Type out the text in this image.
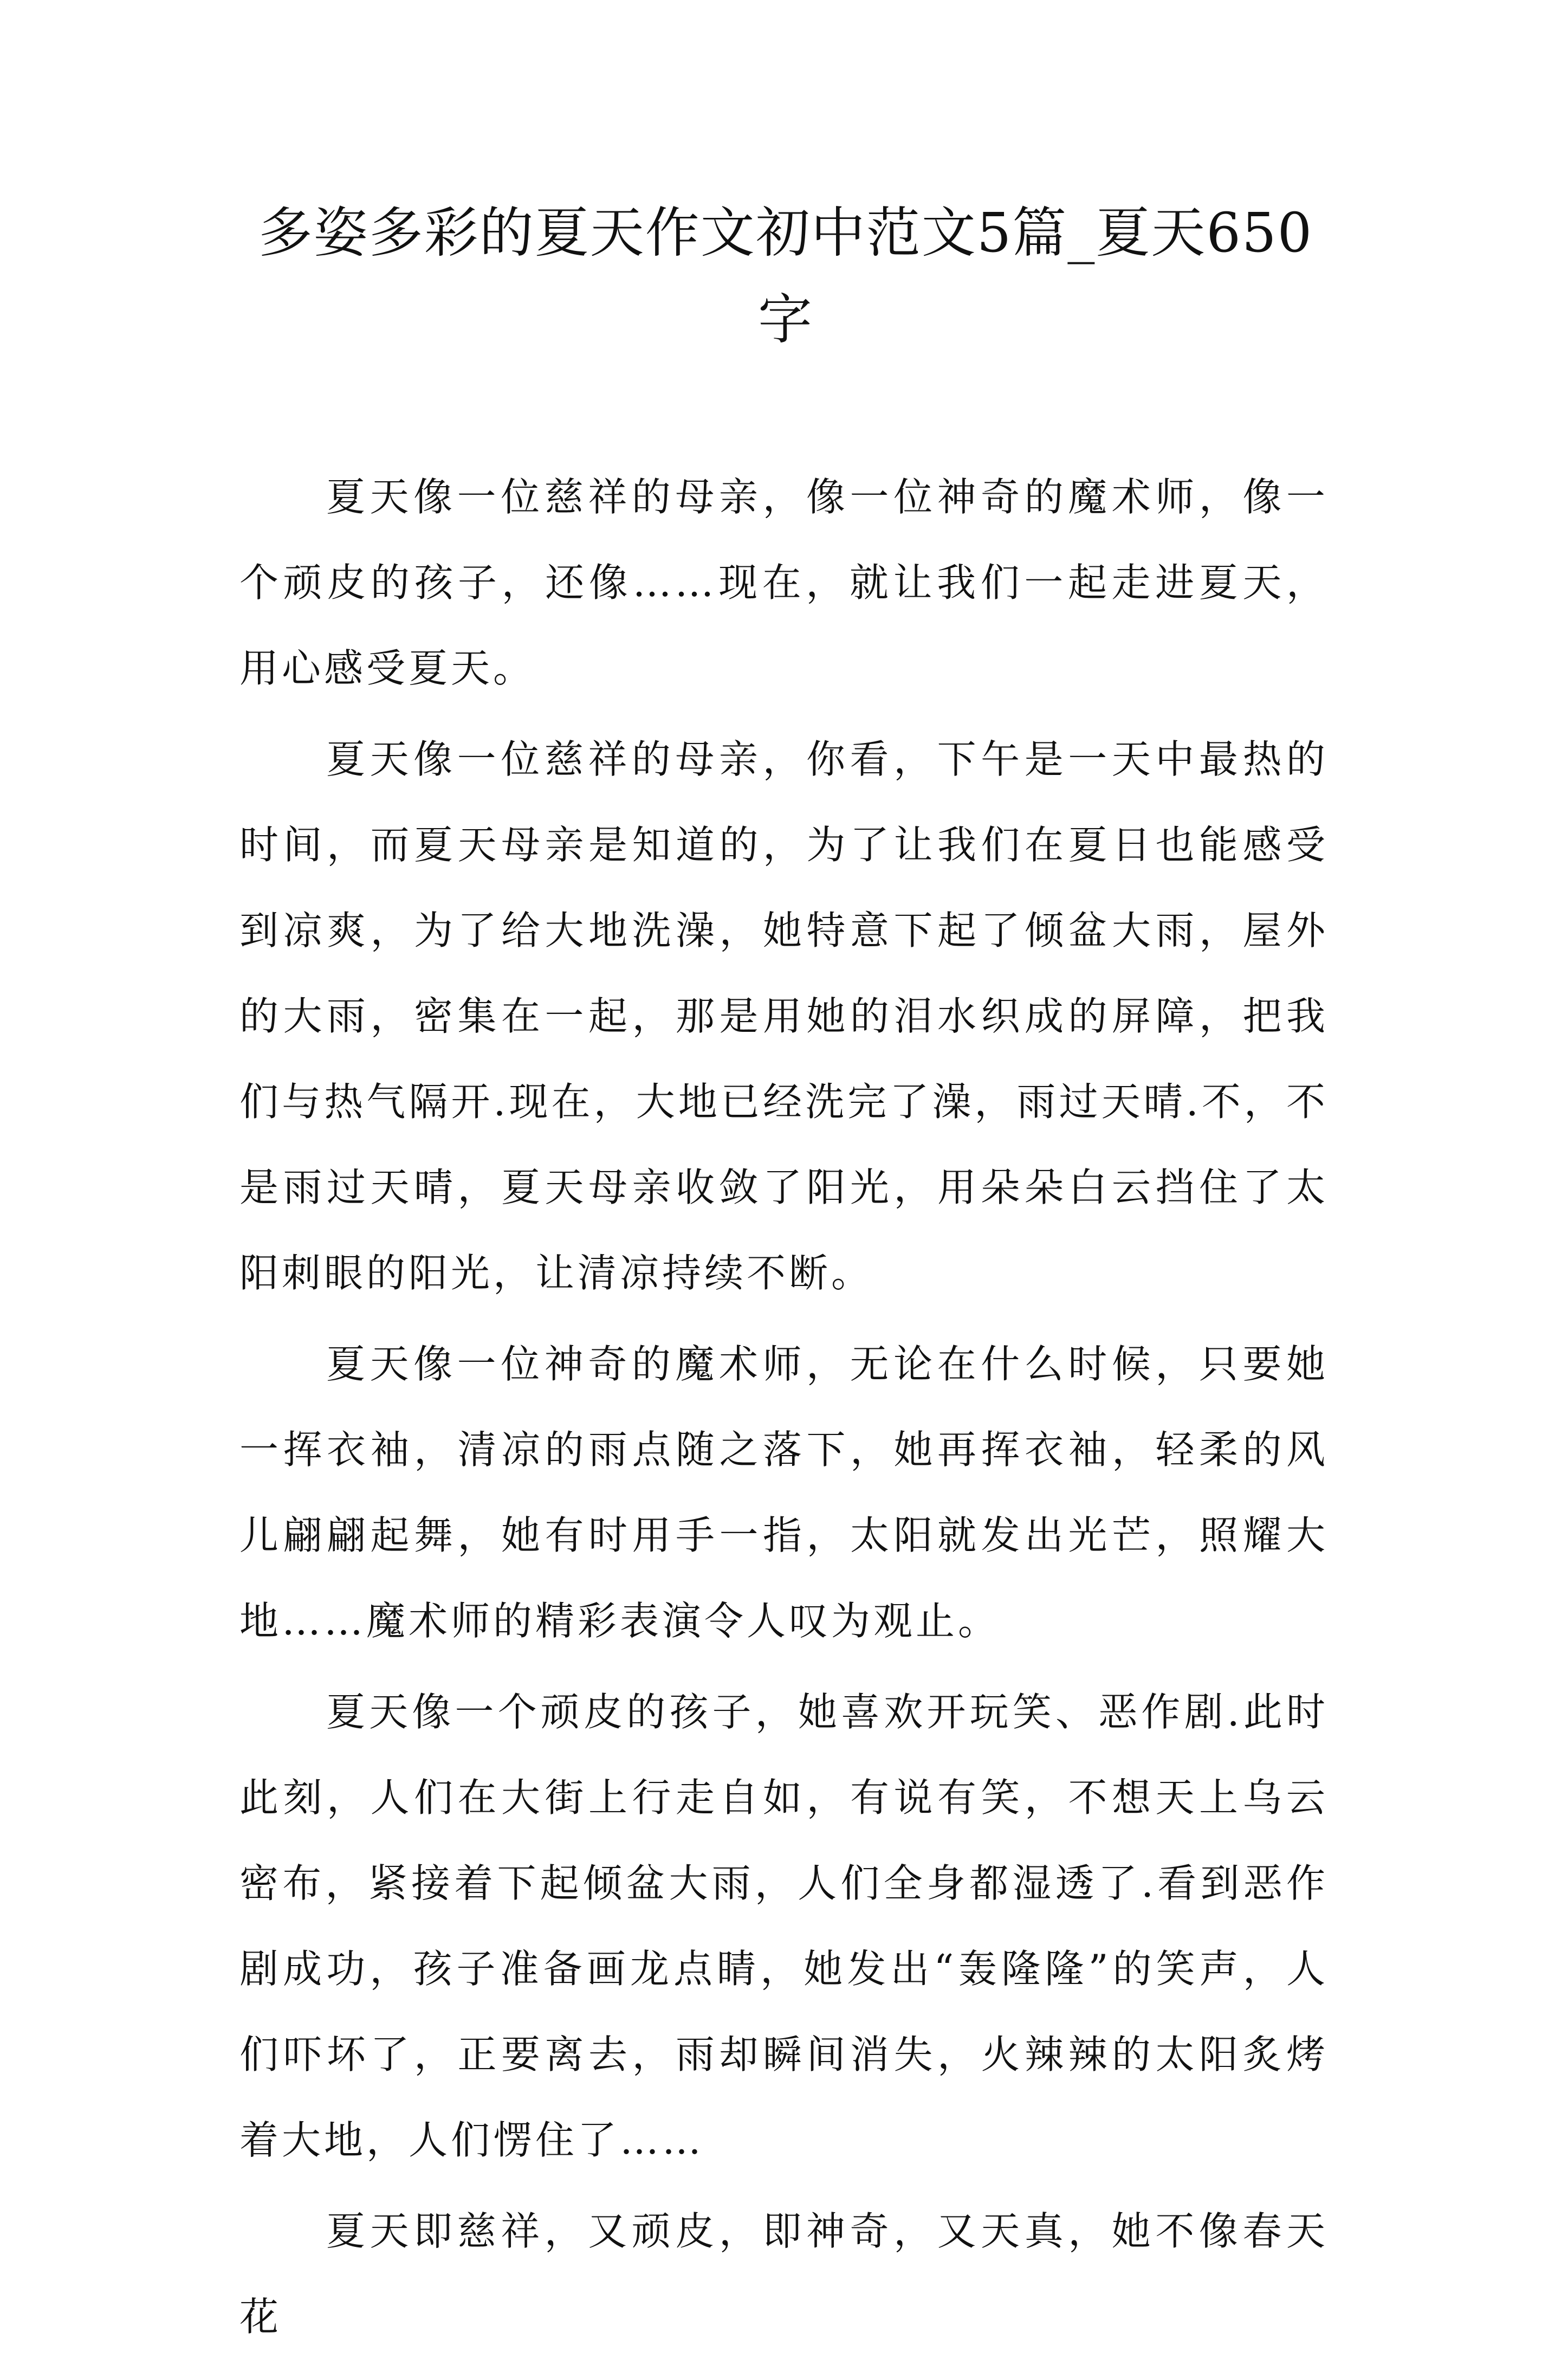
多姿多彩的夏天作文初中范文5篇_夏天650字

夏天像一位慈祥的母亲，像一位神奇的魔术师，像一个顽皮的孩子，还像……现在，就让我们一起走进夏天，用心感受夏天。

夏天像一位慈祥的母亲，你看，下午是一天中最热的时间，而夏天母亲是知道的，为了让我们在夏日也能感受到凉爽，为了给大地洗澡，她特意下起了倾盆大雨，屋外的大雨，密集在一起，那是用她的泪水织成的屏障，把我们与热气隔开.现在，大地已经洗完了澡，雨过天晴.不，不是雨过天晴，夏天母亲收敛了阳光，用朵朵白云挡住了太阳刺眼的阳光，让清凉持续不断。

夏天像一位神奇的魔术师，无论在什么时候，只要她一挥衣袖，清凉的雨点随之落下，她再挥衣袖，轻柔的风儿翩翩起舞，她有时用手一指，太阳就发出光芒，照耀大地……魔术师的精彩表演令人叹为观止。

夏天像一个顽皮的孩子，她喜欢开玩笑、恶作剧.此时此刻，人们在大街上行走自如，有说有笑，不想天上乌云密布，紧接着下起倾盆大雨，人们全身都湿透了.看到恶作剧成功，孩子准备画龙点睛，她发出“轰隆隆”的笑声，人们吓坏了，正要离去，雨却瞬间消失，火辣辣的太阳炙烤着大地，人们愣住了……

夏天即慈祥，又顽皮，即神奇，又天真，她不像春天花
